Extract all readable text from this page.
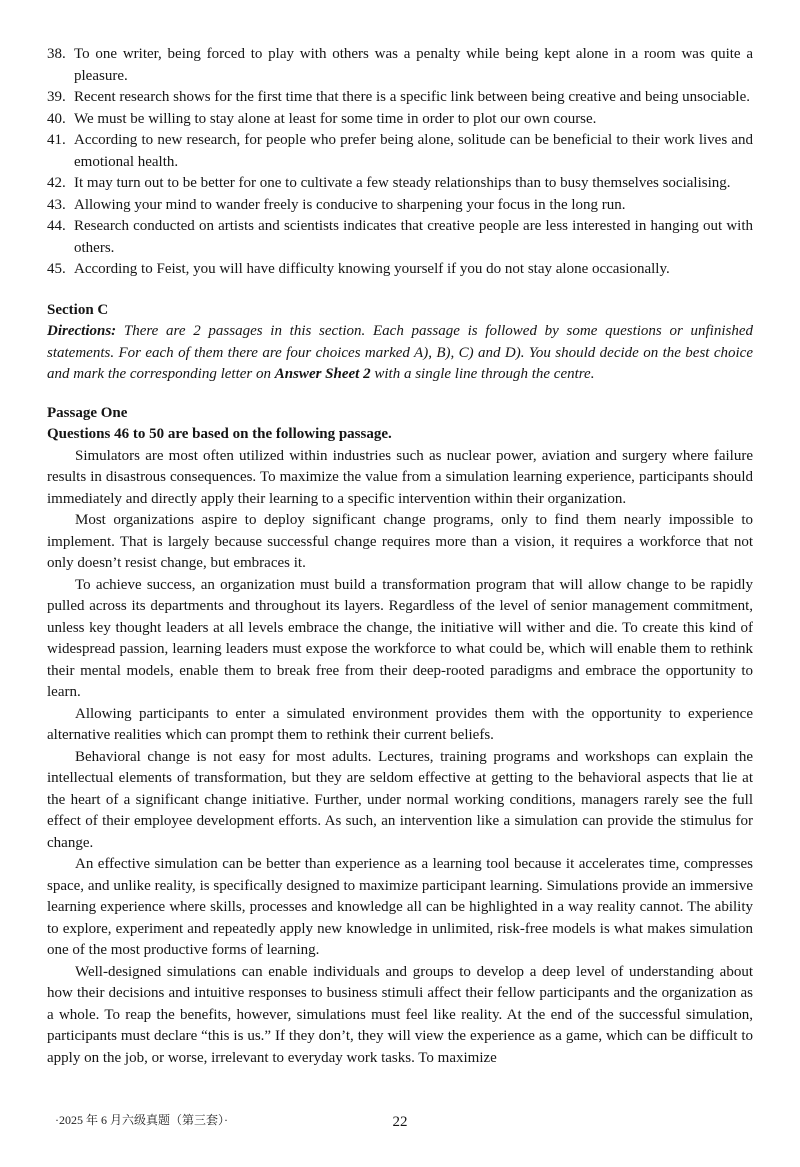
38. To one writer, being forced to play with others was a penalty while being kept alone in a room was quite a pleasure.
39. Recent research shows for the first time that there is a specific link between being creative and being unsociable.
40. We must be willing to stay alone at least for some time in order to plot our own course.
41. According to new research, for people who prefer being alone, solitude can be beneficial to their work lives and emotional health.
42. It may turn out to be better for one to cultivate a few steady relationships than to busy themselves socialising.
43. Allowing your mind to wander freely is conducive to sharpening your focus in the long run.
44. Research conducted on artists and scientists indicates that creative people are less interested in hanging out with others.
45. According to Feist, you will have difficulty knowing yourself if you do not stay alone occasionally.
Section C

Directions: There are 2 passages in this section. Each passage is followed by some questions or unfinished statements. For each of them there are four choices marked A), B), C) and D). You should decide on the best choice and mark the corresponding letter on Answer Sheet 2 with a single line through the centre.

Passage One
Questions 46 to 50 are based on the following passage.

Simulators are most often utilized within industries such as nuclear power, aviation and surgery where failure results in disastrous consequences. To maximize the value from a simulation learning experience, participants should immediately and directly apply their learning to a specific intervention within their organization.

Most organizations aspire to deploy significant change programs, only to find them nearly impossible to implement. That is largely because successful change requires more than a vision, it requires a workforce that not only doesn’t resist change, but embraces it.

To achieve success, an organization must build a transformation program that will allow change to be rapidly pulled across its departments and throughout its layers. Regardless of the level of senior management commitment, unless key thought leaders at all levels embrace the change, the initiative will wither and die. To create this kind of widespread passion, learning leaders must expose the workforce to what could be, which will enable them to rethink their mental models, enable them to break free from their deep-rooted paradigms and embrace the opportunity to learn.

Allowing participants to enter a simulated environment provides them with the opportunity to experience alternative realities which can prompt them to rethink their current beliefs.

Behavioral change is not easy for most adults. Lectures, training programs and workshops can explain the intellectual elements of transformation, but they are seldom effective at getting to the behavioral aspects that lie at the heart of a significant change initiative. Further, under normal working conditions, managers rarely see the full effect of their employee development efforts. As such, an intervention like a simulation can provide the stimulus for change.

An effective simulation can be better than experience as a learning tool because it accelerates time, compresses space, and unlike reality, is specifically designed to maximize participant learning. Simulations provide an immersive learning experience where skills, processes and knowledge all can be highlighted in a way reality cannot. The ability to explore, experiment and repeatedly apply new knowledge in unlimited, risk-free models is what makes simulation one of the most productive forms of learning.

Well-designed simulations can enable individuals and groups to develop a deep level of understanding about how their decisions and intuitive responses to business stimuli affect their fellow participants and the organization as a whole. To reap the benefits, however, simulations must feel like reality. At the end of the successful simulation, participants must declare “this is us.” If they don’t, they will view the experience as a game, which can be difficult to apply on the job, or worse, irrelevant to everyday work tasks. To maximize

·2025 年 6 月六级真题（第三套）·	22
